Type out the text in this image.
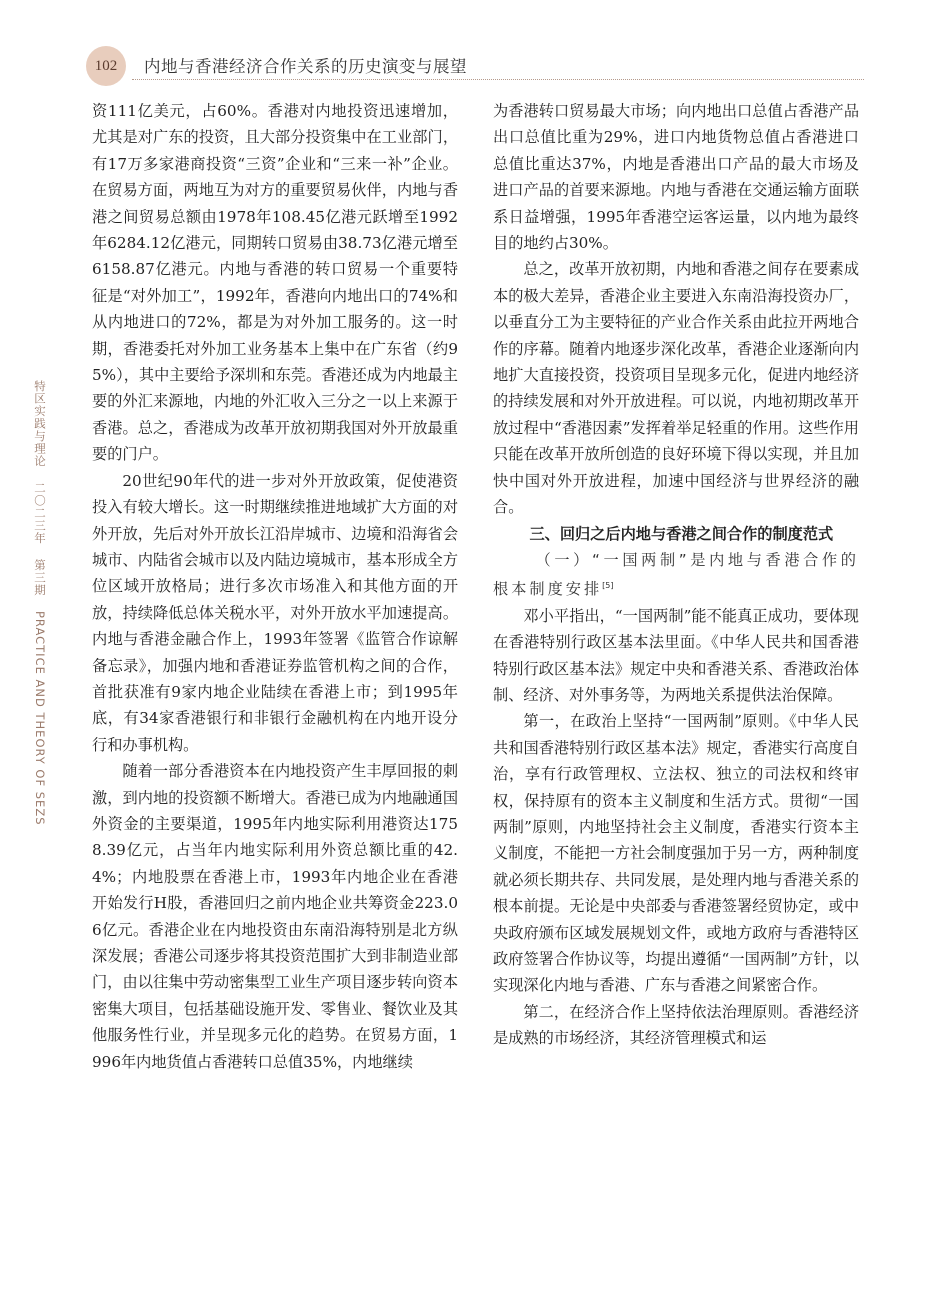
102	内地与香港经济合作关系的历史演变与展望
特区实践与理论 二〇二三年 第三期 PRACTICE AND THEORY OF SEZS

资111亿美元，占60%。香港对内地投资迅速增加，尤其是对广东的投资，且大部分投资集中在工业部门，有17万多家港商投资“三资”企业和“三来一补”企业。在贸易方面，两地互为对方的重要贸易伙伴，内地与香港之间贸易总额由1978年108.45亿港元跃增至1992年6284.12亿港元，同期转口贸易由38.73亿港元增至6158.87亿港元。内地与香港的转口贸易一个重要特征是“对外加工”，1992年，香港向内地出口的74%和从内地进口的72%，都是为对外加工服务的。这一时期，香港委托对外加工业务基本上集中在广东省（约95%），其中主要给予深圳和东莞。香港还成为内地最主要的外汇来源地，内地的外汇收入三分之一以上来源于香港。总之，香港成为改革开放初期我国对外开放最重要的门户。

20世纪90年代的进一步对外开放政策，促使港资投入有较大增长。这一时期继续推进地域扩大方面的对外开放，先后对外开放长江沿岸城市、边境和沿海省会城市、内陆省会城市以及内陆边境城市，基本形成全方位区域开放格局；进行多次市场准入和其他方面的开放，持续降低总体关税水平，对外开放水平加速提高。内地与香港金融合作上，1993年签署《监管合作谅解备忘录》，加强内地和香港证券监管机构之间的合作，首批获准有9家内地企业陆续在香港上市；到1995年底，有34家香港银行和非银行金融机构在内地开设分行和办事机构。

随着一部分香港资本在内地投资产生丰厚回报的刺激，到内地的投资额不断增大。香港已成为内地融通国外资金的主要渠道，1995年内地实际利用港资达1758.39亿元，占当年内地实际利用外资总额比重的42.4%；内地股票在香港上市，1993年内地企业在香港开始发行H股，香港回归之前内地企业共筹资金223.06亿元。香港企业在内地投资由东南沿海特别是北方纵深发展；香港公司逐步将其投资范围扩大到非制造业部门，由以往集中劳动密集型工业生产项目逐步转向资本密集大项目，包括基础设施开发、零售业、餐饮业及其他服务性行业，并呈现多元化的趋势。在贸易方面，1996年内地货值占香港转口总值35%，内地继续

为香港转口贸易最大市场；向内地出口总值占香港产品出口总值比重为29%，进口内地货物总值占香港进口总值比重达37%，内地是香港出口产品的最大市场及进口产品的首要来源地。内地与香港在交通运输方面联系日益增强，1995年香港空运客运量，以内地为最终目的地约占30%。

总之，改革开放初期，内地和香港之间存在要素成本的极大差异，香港企业主要进入东南沿海投资办厂，以垂直分工为主要特征的产业合作关系由此拉开两地合作的序幕。随着内地逐步深化改革，香港企业逐渐向内地扩大直接投资，投资项目呈现多元化，促进内地经济的持续发展和对外开放进程。可以说，内地初期改革开放过程中“香港因素”发挥着举足轻重的作用。这些作用只能在改革开放所创造的良好环境下得以实现，并且加快中国对外开放进程，加速中国经济与世界经济的融合。

三、回归之后内地与香港之间合作的制度范式

（一）“一国两制”是内地与香港合作的根本制度安排[5]

邓小平指出，“一国两制”能不能真正成功，要体现在香港特别行政区基本法里面。《中华人民共和国香港特别行政区基本法》规定中央和香港关系、香港政治体制、经济、对外事务等，为两地关系提供法治保障。

第一，在政治上坚持“一国两制”原则。《中华人民共和国香港特别行政区基本法》规定，香港实行高度自治，享有行政管理权、立法权、独立的司法权和终审权，保持原有的资本主义制度和生活方式。贯彻“一国两制”原则，内地坚持社会主义制度，香港实行资本主义制度，不能把一方社会制度强加于另一方，两种制度就必须长期共存、共同发展，是处理内地与香港关系的根本前提。无论是中央部委与香港签署经贸协定，或中央政府颁布区域发展规划文件，或地方政府与香港特区政府签署合作协议等，均提出遵循“一国两制”方针，以实现深化内地与香港、广东与香港之间紧密合作。

第二，在经济合作上坚持依法治理原则。香港经济是成熟的市场经济，其经济管理模式和运
